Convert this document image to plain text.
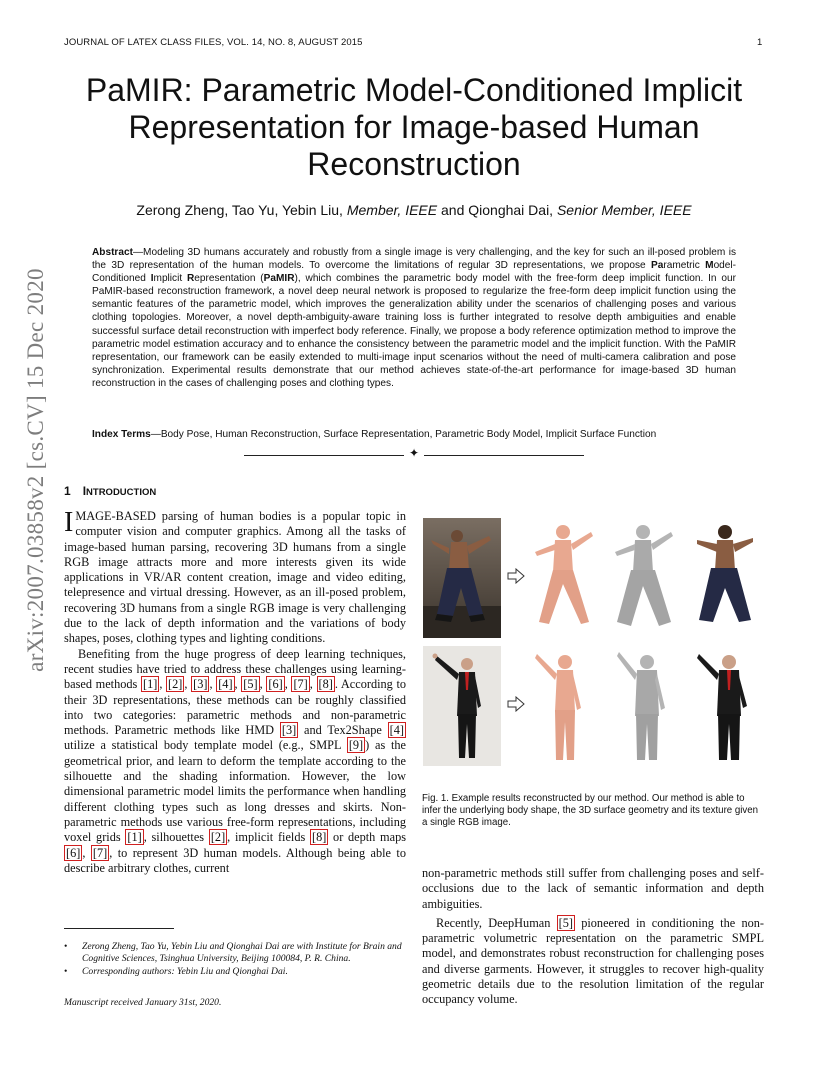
JOURNAL OF LATEX CLASS FILES, VOL. 14, NO. 8, AUGUST 2015	1
PaMIR: Parametric Model-Conditioned Implicit Representation for Image-based Human Reconstruction
Zerong Zheng, Tao Yu, Yebin Liu, Member, IEEE and Qionghai Dai, Senior Member, IEEE

Abstract—Modeling 3D humans accurately and robustly from a single image is very challenging, and the key for such an ill-posed problem is the 3D representation of the human models. To overcome the limitations of regular 3D representations, we propose Parametric Model-Conditioned Implicit Representation (PaMIR), which combines the parametric body model with the free-form deep implicit function. In our PaMIR-based reconstruction framework, a novel deep neural network is proposed to regularize the free-form deep implicit function using the semantic features of the parametric model, which improves the generalization ability under the scenarios of challenging poses and various clothing topologies. Moreover, a novel depth-ambiguity-aware training loss is further integrated to resolve depth ambiguities and enable successful surface detail reconstruction with imperfect body reference. Finally, we propose a body reference optimization method to improve the parametric model estimation accuracy and to enhance the consistency between the parametric model and the implicit function. With the PaMIR representation, our framework can be easily extended to multi-image input scenarios without the need of multi-camera calibration and pose synchronization. Experimental results demonstrate that our method achieves state-of-the-art performance for image-based 3D human reconstruction in the cases of challenging poses and clothing types.

Index Terms—Body Pose, Human Reconstruction, Surface Representation, Parametric Body Model, Implicit Surface Function

✦
arXiv:2007.03858v2 [cs.CV] 15 Dec 2020 1 INTRODUCTION

IMAGE-BASED parsing of human bodies is a popular topic in computer vision and computer graphics. Among all the tasks of image-based human parsing, recovering 3D humans from a single RGB image attracts more and more interests given its wide applications in VR/AR content creation, image and video editing, telepresence and virtual dressing. However, as an ill-posed problem, recovering 3D humans from a single RGB image is very challenging due to the lack of depth information and the variations of body shapes, poses, clothing types and lighting conditions.

Benefiting from the huge progress of deep learning techniques, recent studies have tried to address these challenges using learning-based methods [1] , [2] , [3] , [4] , [5] , [6] , [7] , [8] . According to their 3D representations, these methods can be roughly classified into two categories: parametric methods and non-parametric methods. Parametric methods like HMD [3] and Tex2Shape [4] utilize a statistical body template model (e.g., SMPL [9] ) as the geometrical prior, and learn to deform the template according to the silhouette and the shading information. However, the low dimensional parametric model limits the performance when handling different clothing types such as long dresses and skirts. Non-parametric methods use various free-form representations, including voxel grids [1] , silhouettes [2] , implicit fields [8] or depth maps [6] , [7] , to represent 3D human models. Although being able to describe arbitrary clothes, current

• Zerong Zheng, Tao Yu, Yebin Liu and Qionghai Dai are with Institute for Brain and Cognitive Sciences, Tsinghua University, Beijing 100084, P. R. China.
• Corresponding authors: Yebin Liu and Qionghai Dai.
Manuscript received January 31st, 2020.

Fig. 1. Example results reconstructed by our method. Our method is able to infer the underlying body shape, the 3D surface geometry and its texture given a single RGB image.

non-parametric methods still suffer from challenging poses and self-occlusions due to the lack of semantic information and depth ambiguities.

Recently, DeepHuman [5] pioneered in conditioning the non-parametric volumetric representation on the parametric SMPL model, and demonstrates robust reconstruction for challenging poses and diverse garments. However, it struggles to recover high-quality geometric details due to the resolution limitation of the regular occupancy volume.
